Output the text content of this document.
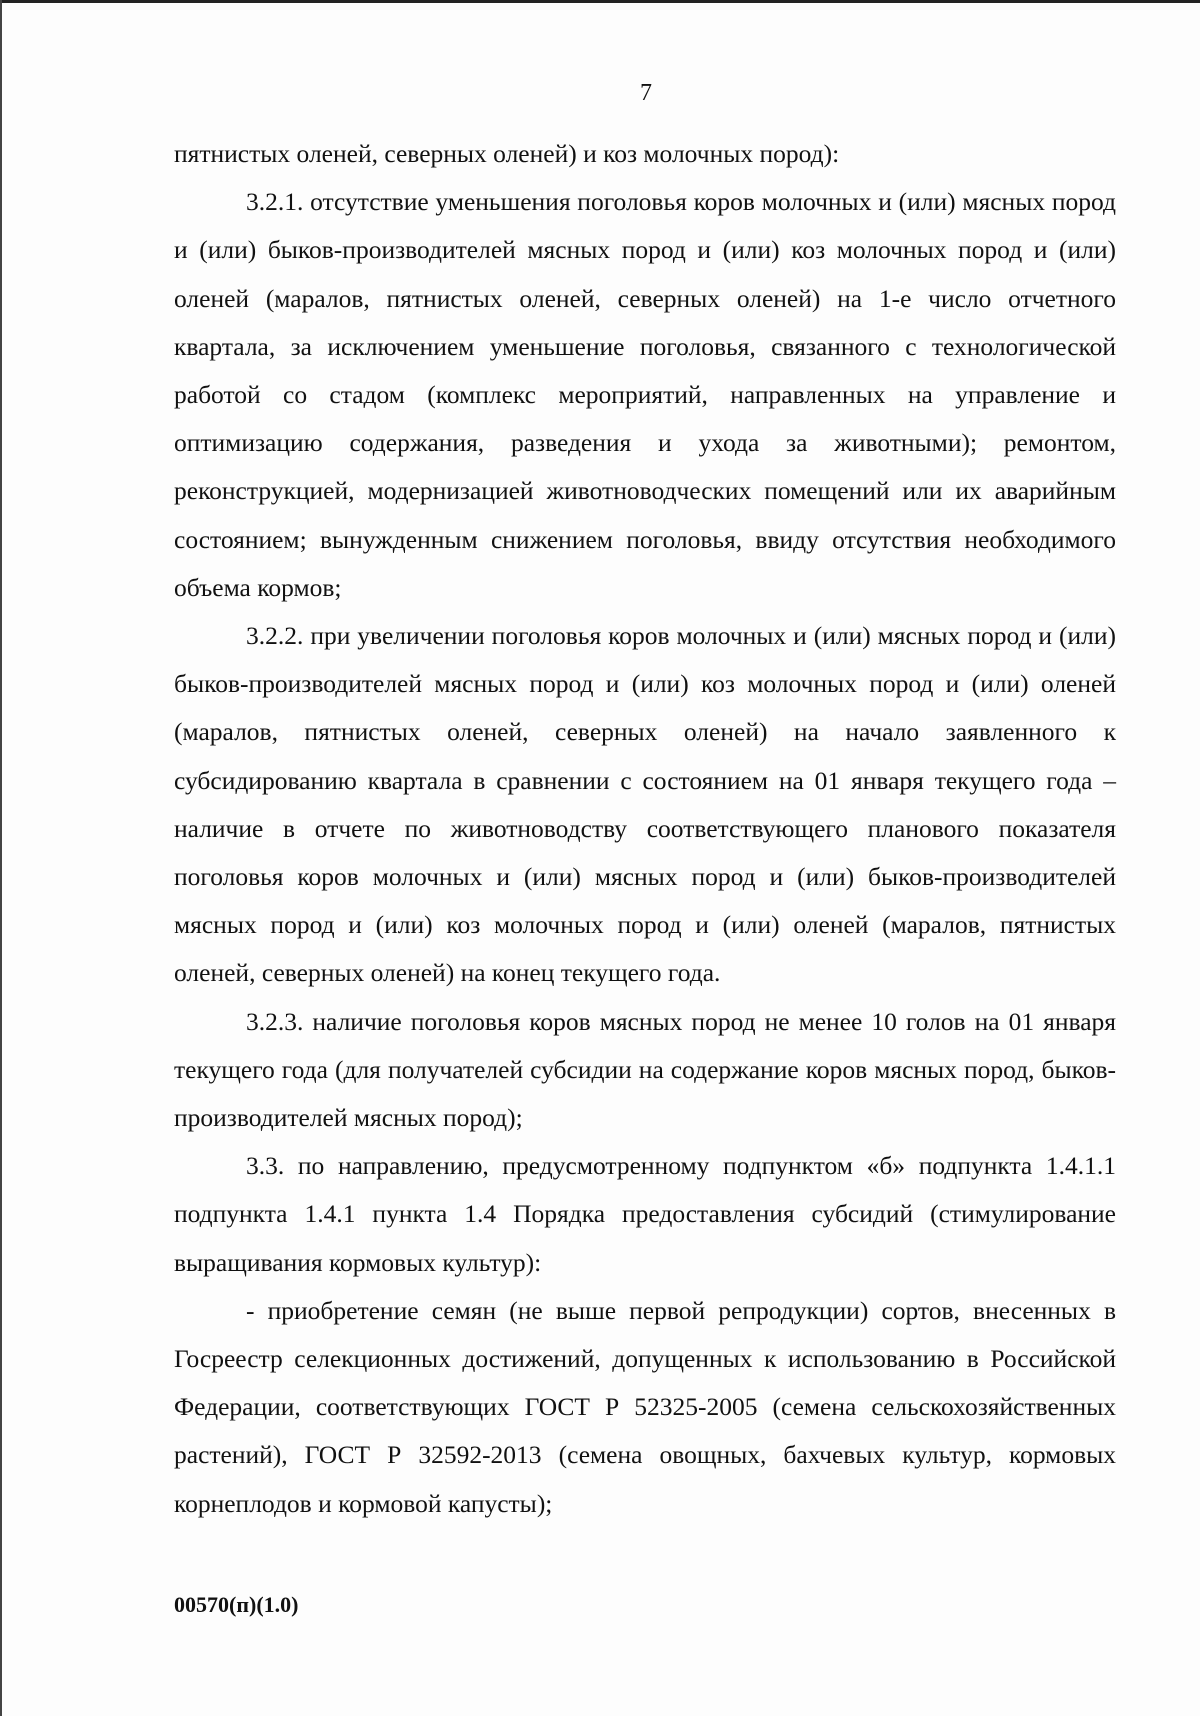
7

пятнистых оленей, северных оленей) и коз молочных пород):

3.2.1. отсутствие уменьшения поголовья коров молочных и (или) мясных пород и (или) быков-производителей мясных пород и (или) коз молочных пород и (или) оленей (маралов, пятнистых оленей, северных оленей) на 1-е число отчетного квартала, за исключением уменьшение поголовья, связанного с технологической работой со стадом (комплекс мероприятий, направленных на управление и оптимизацию содержания, разведения и ухода за животными); ремонтом, реконструкцией, модернизацией животноводческих помещений или их аварийным состоянием; вынужденным снижением поголовья, ввиду отсутствия необходимого объема кормов;

3.2.2. при увеличении поголовья коров молочных и (или) мясных пород и (или) быков-производителей мясных пород и (или) коз молочных пород и (или) оленей (маралов, пятнистых оленей, северных оленей) на начало заявленного к субсидированию квартала в сравнении с состоянием на 01 января текущего года – наличие в отчете по животноводству соответствующего планового показателя поголовья коров молочных и (или) мясных пород и (или) быков-производителей мясных пород и (или) коз молочных пород и (или) оленей (маралов, пятнистых оленей, северных оленей) на конец текущего года.

3.2.3. наличие поголовья коров мясных пород не менее 10 голов на 01 января текущего года (для получателей субсидии на содержание коров мясных пород, быков-производителей мясных пород);

3.3. по направлению, предусмотренному подпунктом «б» подпункта 1.4.1.1 подпункта 1.4.1 пункта 1.4 Порядка предоставления субсидий (стимулирование выращивания кормовых культур):

- приобретение семян (не выше первой репродукции) сортов, внесенных в Госреестр селекционных достижений, допущенных к использованию в Российской Федерации, соответствующих ГОСТ Р 52325-2005 (семена сельскохозяйственных растений), ГОСТ Р 32592-2013 (семена овощных, бахчевых культур, кормовых корнеплодов и кормовой капусты);

00570(п)(1.0)
